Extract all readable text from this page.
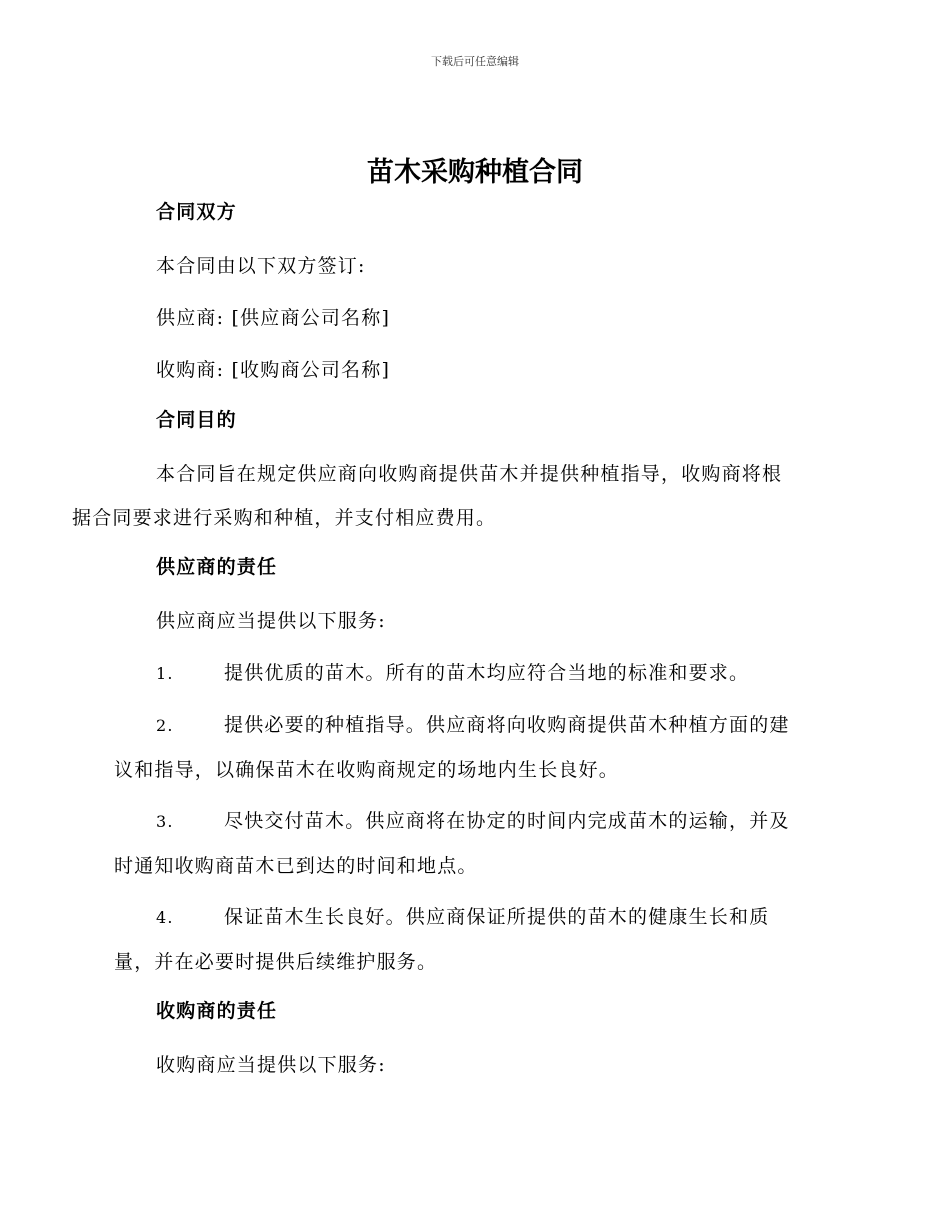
下载后可任意编辑
苗木采购种植合同
合同双方

本合同由以下双方签订:

供应商: [供应商公司名称]

收购商: [收购商公司名称]

合同目的
本合同旨在规定供应商向收购商提供苗木并提供种植指导，收购商将根
据合同要求进行采购和种植，并支付相应费用。
供应商的责任

供应商应当提供以下服务:

1.	提供优质的苗木。所有的苗木均应符合当地的标准和要求。
2.	提供必要的种植指导。供应商将向收购商提供苗木种植方面的建
议和指导，以确保苗木在收购商规定的场地内生长良好。
3.	尽快交付苗木。供应商将在协定的时间内完成苗木的运输，并及
时通知收购商苗木已到达的时间和地点。
4.	保证苗木生长良好。供应商保证所提供的苗木的健康生长和质
量，并在必要时提供后续维护服务。
收购商的责任

收购商应当提供以下服务:
